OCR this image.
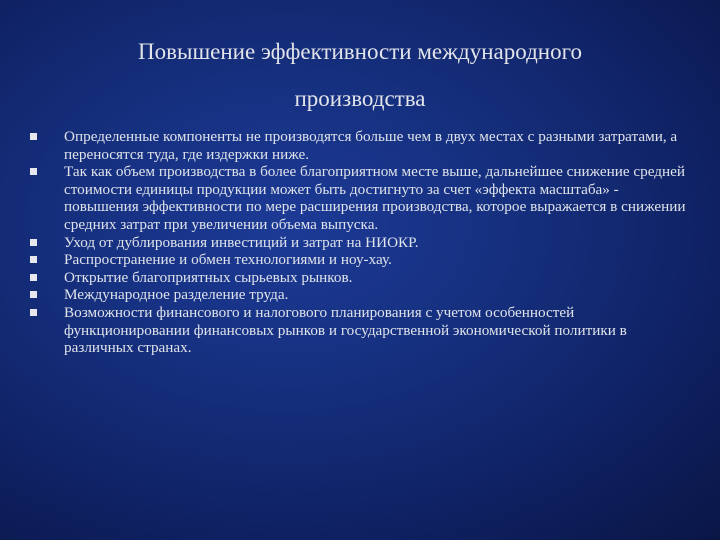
Повышение эффективности международного
производства
Определенные компоненты не производятся больше чем в двух местах с разными затратами, а переносятся туда, где издержки ниже.
Так как объем производства в более благоприятном месте выше, дальнейшее снижение средней стоимости единицы продукции может быть достигнуто за счет «эффекта масштаба» - повышения эффективности по мере расширения производства, которое выражается в снижении средних затрат при увеличении объема выпуска.
Уход от дублирования инвестиций и затрат на НИОКР.
Распространение и обмен технологиями и ноу-хау.
Открытие благоприятных сырьевых рынков.
Международное разделение труда.
Возможности финансового и налогового планирования с учетом особенностей функционировании финансовых рынков и государственной экономической политики в различных странах.
